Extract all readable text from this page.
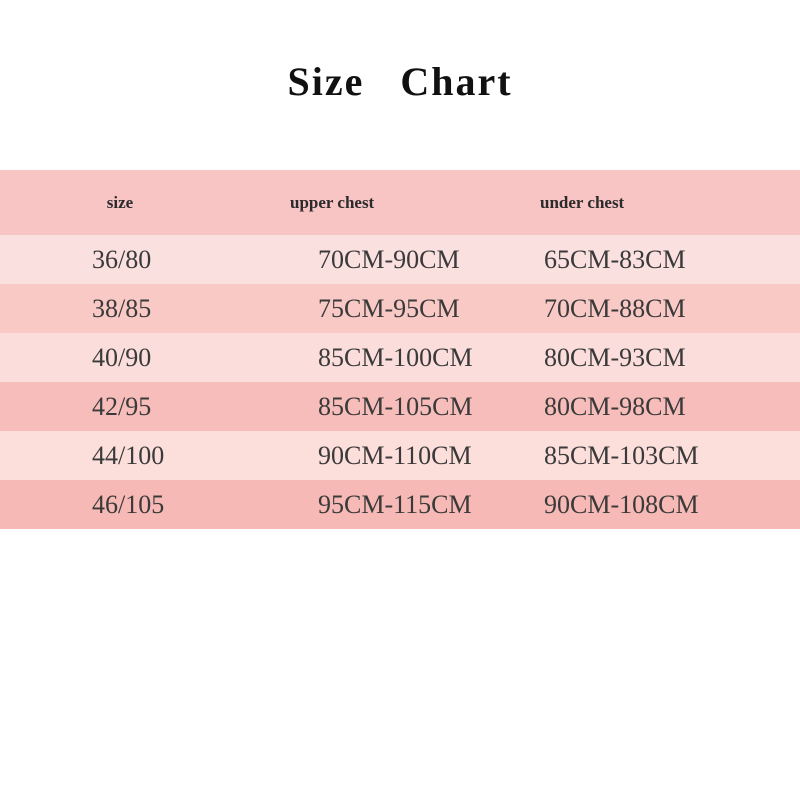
Size   Chart
size	upper chest	under chest
36/80	70CM-90CM	65CM-83CM
38/85	75CM-95CM	70CM-88CM
40/90	85CM-100CM	80CM-93CM
42/95	85CM-105CM	80CM-98CM
44/100	90CM-110CM	85CM-103CM
46/105	95CM-115CM	90CM-108CM
